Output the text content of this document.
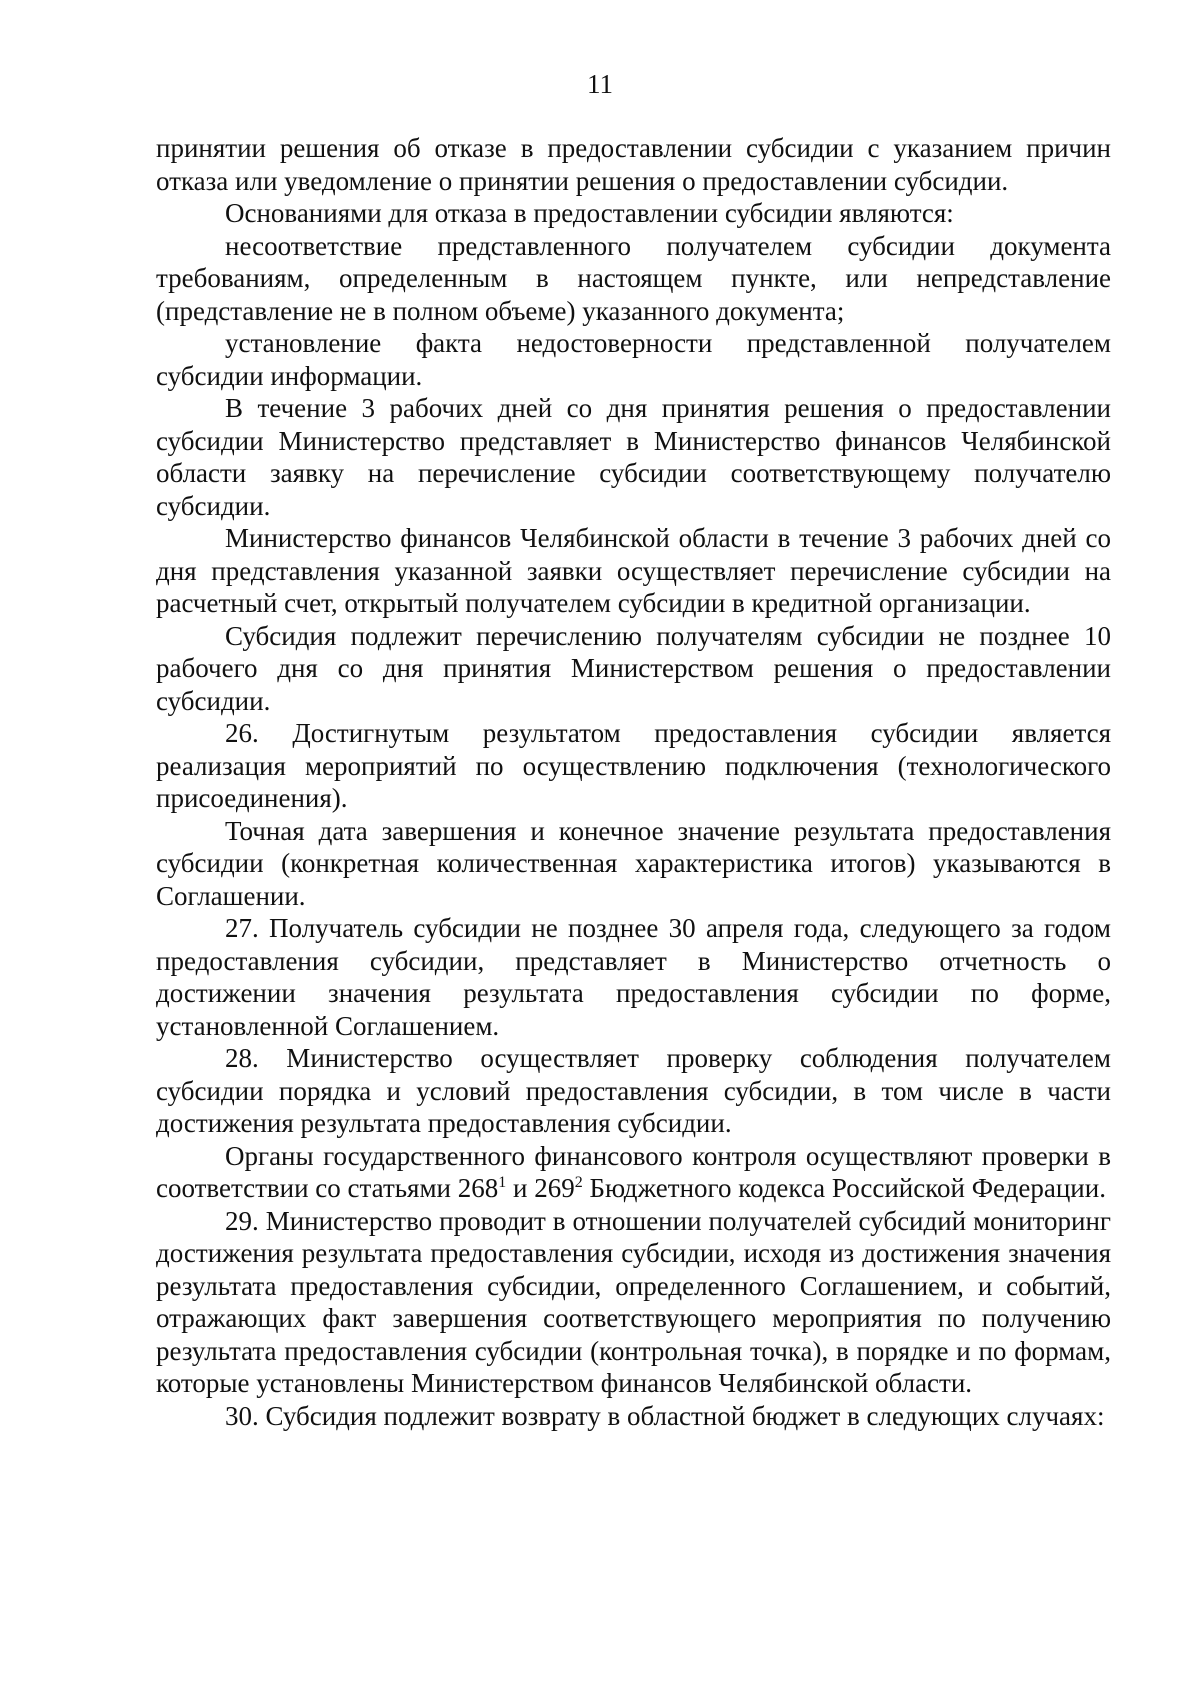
11

принятии решения об отказе в предоставлении субсидии с указанием причин отказа или уведомление о принятии решения о предоставлении субсидии.

Основаниями для отказа в предоставлении субсидии являются:

несоответствие представленного получателем субсидии документа требованиям, определенным в настоящем пункте, или непредставление (представление не в полном объеме) указанного документа;

установление факта недостоверности представленной получателем субсидии информации.

В течение 3 рабочих дней со дня принятия решения о предоставлении субсидии Министерство представляет в Министерство финансов Челябинской области заявку на перечисление субсидии соответствующему получателю субсидии.

Министерство финансов Челябинской области в течение 3 рабочих дней со дня представления указанной заявки осуществляет перечисление субсидии на расчетный счет, открытый получателем субсидии в кредитной организации.

Субсидия подлежит перечислению получателям субсидии не позднее 10 рабочего дня со дня принятия Министерством решения о предоставлении субсидии.

26. Достигнутым результатом предоставления субсидии является реализация мероприятий по осуществлению подключения (технологического присоединения).

Точная дата завершения и конечное значение результата предоставления субсидии (конкретная количественная характеристика итогов) указываются в Соглашении.

27. Получатель субсидии не позднее 30 апреля года, следующего за годом предоставления субсидии, представляет в Министерство отчетность о достижении значения результата предоставления субсидии по форме, установленной Соглашением.

28. Министерство осуществляет проверку соблюдения получателем субсидии порядка и условий предоставления субсидии, в том числе в части достижения результата предоставления субсидии.

Органы государственного финансового контроля осуществляют проверки в соответствии со статьями $268^1$ и $269^2$ Бюджетного кодекса Российской Федерации.

29. Министерство проводит в отношении получателей субсидий мониторинг достижения результата предоставления субсидии, исходя из достижения значения результата предоставления субсидии, определенного Соглашением, и событий, отражающих факт завершения соответствующего мероприятия по получению результата предоставления субсидии (контрольная точка), в порядке и по формам, которые установлены Министерством финансов Челябинской области.

30. Субсидия подлежит возврату в областной бюджет в следующих случаях:
